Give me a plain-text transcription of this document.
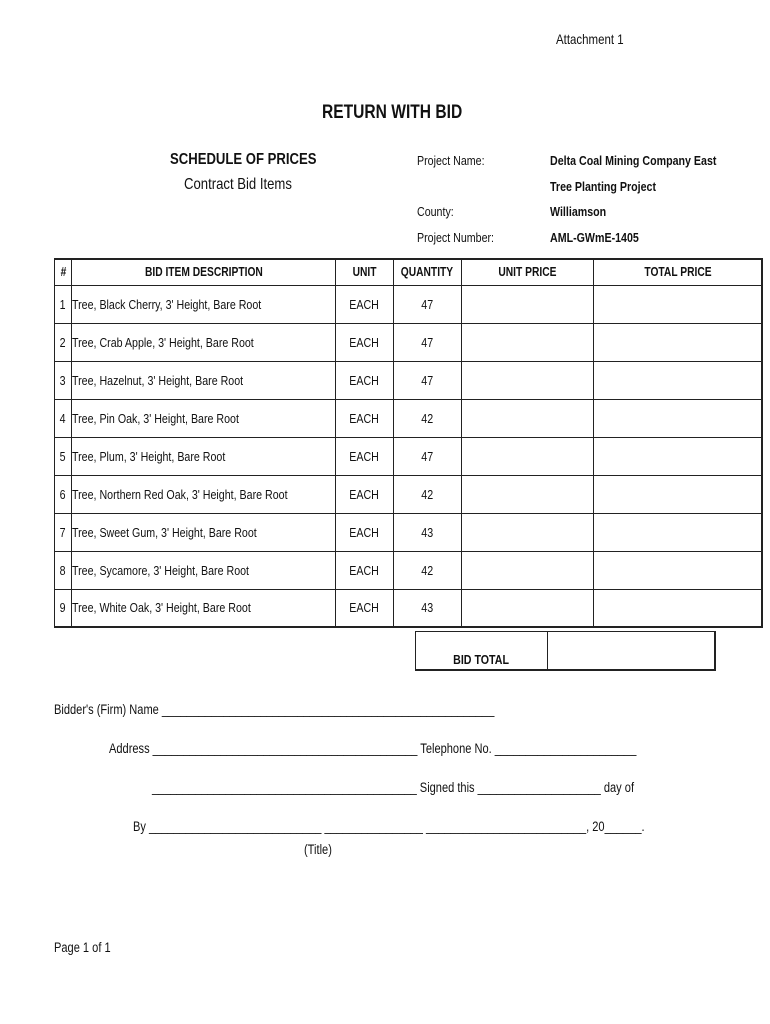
Attachment 1
RETURN WITH BID
SCHEDULE OF PRICES
Contract Bid Items
Project Name:	Delta Coal Mining Company East
Tree Planting Project
County:	Williamson
Project Number:	AML-GWmE-1405
#	BID ITEM DESCRIPTION	UNIT	QUANTITY	UNIT PRICE	TOTAL PRICE
1	Tree, Black Cherry, 3' Height, Bare Root	EACH	47		
2	Tree, Crab Apple, 3' Height, Bare Root	EACH	47		
3	Tree, Hazelnut, 3' Height, Bare Root	EACH	47		
4	Tree, Pin Oak, 3' Height, Bare Root	EACH	42		
5	Tree, Plum, 3' Height, Bare Root	EACH	47		
6	Tree, Northern Red Oak, 3' Height, Bare Root	EACH	42		
7	Tree, Sweet Gum, 3' Height, Bare Root	EACH	43		
8	Tree, Sycamore, 3' Height, Bare Root	EACH	42		
9	Tree, White Oak, 3' Height, Bare Root	EACH	43		
BID TOTAL
Bidder's (Firm) Name ______________________________________________________
Address ___________________________________________ Telephone No. _______________________
___________________________________________ Signed this ____________________ day of
By ____________________________ ________________ __________________________, 20______.
(Title)
Page 1 of 1
